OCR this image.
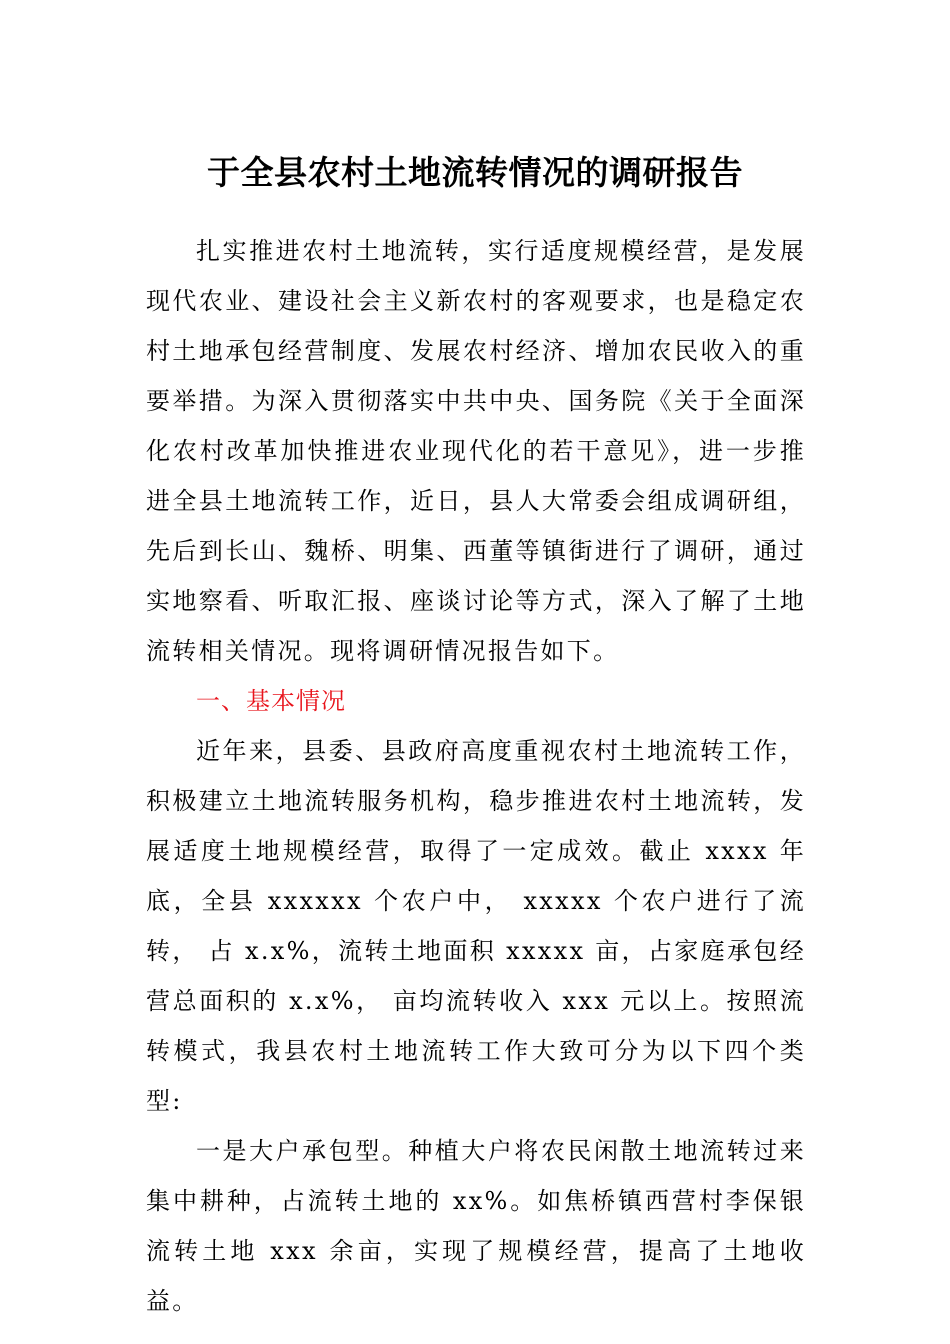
于全县农村土地流转情况的调研报告

扎实推进农村土地流转，实行适度规模经营，是发展现代农业、建设社会主义新农村的客观要求，也是稳定农村土地承包经营制度、发展农村经济、增加农民收入的重要举措。为深入贯彻落实中共中央、国务院《关于全面深化农村改革加快推进农业现代化的若干意见》，进一步推进全县土地流转工作，近日，县人大常委会组成调研组，先后到长山、魏桥、明集、西董等镇街进行了调研，通过实地察看、听取汇报、座谈讨论等方式，深入了解了土地流转相关情况。现将调研情况报告如下。

一、基本情况

近年来，县委、县政府高度重视农村土地流转工作，积极建立土地流转服务机构，稳步推进农村土地流转，发展适度土地规模经营，取得了一定成效。截止 xxxx 年底，全县 xxxxxx 个农户中， xxxxx 个农户进行了流转， 占 x.x%，流转土地面积 xxxxx 亩，占家庭承包经营总面积的 x.x%， 亩均流转收入 xxx 元以上。按照流转模式，我县农村土地流转工作大致可分为以下四个类型:

一是大户承包型。种植大户将农民闲散土地流转过来集中耕种，占流转土地的 xx%。如焦桥镇西营村李保银流转土地 xxx 余亩，实现了规模经营，提高了土地收益。
